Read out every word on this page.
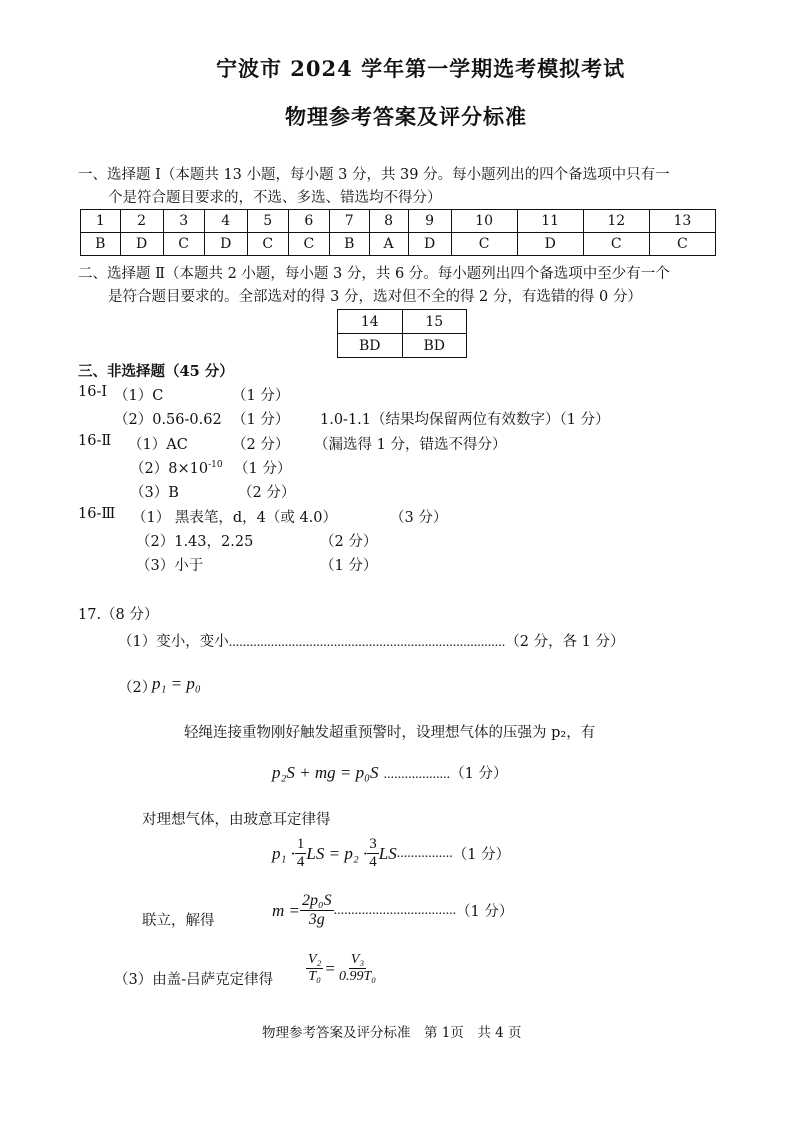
宁波市 2024 学年第一学期选考模拟考试
物理参考答案及评分标准
一、选择题 Ⅰ（本题共 13 小题，每小题 3 分，共 39 分。每小题列出的四个备选项中只有一
个是符合题目要求的，不选、多选、错选均不得分）
1	2	3	4	5	6	7	8	9	10	11	12	13
B	D	C	D	C	C	B	A	D	C	D	C	C
二、选择题 Ⅱ（本题共 2 小题，每小题 3 分，共 6 分。每小题列出四个备选项中至少有一个
是符合题目要求的。全部选对的得 3 分，选对但不全的得 2 分，有选错的得 0 分）
14	15
BD	BD
三、非选择题（45 分）
16-Ⅰ （1）C	（1 分）
（2）0.56-0.62 （1 分） 1.0-1.1（结果均保留两位有效数字）（1 分）
16-Ⅱ （1）AC	（2 分） （漏选得 1 分，错选不得分）
$(2)8\times 10^{-10}$ （1 分）
（3）B	（2 分）
16-Ⅲ （1） 黑表笔，d，4（或 4.0）	（3 分）
（2）1.43，2.25	（2 分）
（3）小于	（1 分）
17.（8 分）
（1）变小，变小...............................................................................（2 分，各 1 分）
（2）
p₁ = p₀
轻绳连接重物刚好触发超重预警时，设理想气体的压强为 p₂，有
p₂S + mg = p₀S ...................（1 分）
对理想气体，由玻意耳定律得
$p_1 \cdot \frac{1}{4}$ LS = $p_2 \cdot \frac{3}{4}$ LS ................ （1 分）
联立，解得
$m = \frac{\text{2p₀S}}{3g}$ ................................... （1 分）
（3）由盖-吕萨克定律得 $\frac{\text{V₂}}{\text{T₀}} = \frac{\text{V₃}}{\text{0.99T₀}}$
物理参考答案及评分标准　第 1页　共 4 页
